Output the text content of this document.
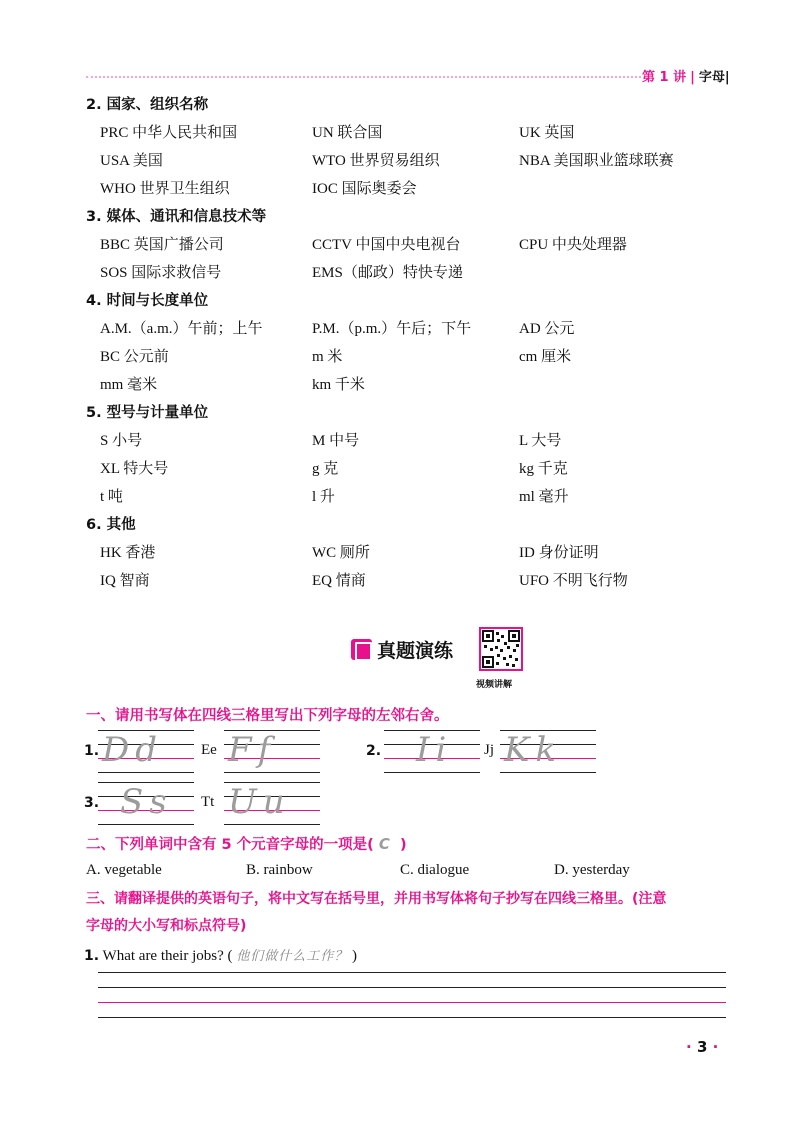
第 1 讲 | 字母|
2. 国家、组织名称
PRC 中华人民共和国	UN 联合国	UK 英国
USA 美国	WTO 世界贸易组织	NBA 美国职业篮球联赛
WHO 世界卫生组织	IOC 国际奥委会
3. 媒体、通讯和信息技术等
BBC 英国广播公司	CCTV 中国中央电视台	CPU 中央处理器
SOS 国际求救信号	EMS（邮政）特快专递
4. 时间与长度单位
A.M.（a.m.）午前；上午	P.M.（p.m.）午后；下午	AD 公元
BC 公元前	m 米	cm 厘米
mm 毫米	km 千米
5. 型号与计量单位
S 小号	M 中号	L 大号
XL 特大号	g 克	kg 千克
t 吨	l 升	ml 毫升
6. 其他
HK 香港	WC 厕所	ID 身份证明
IQ 智商	EQ 情商	UFO 不明飞行物
真题演练
视频讲解
一、请用书写体在四线三格里写出下列字母的左邻右舍。
1. Dd	Ee Ff	2. Ii Jj Kk
3. Ss Tt Uu
二、下列单词中含有 5 个元音字母的一项是( C )
A. vegetable	B. rainbow	C. dialogue	D. yesterday
三、请翻译提供的英语句子，将中文写在括号里，并用书写体将句子抄写在四线三格里。(注意
字母的大小写和标点符号)
1. What are their jobs? ( 他们做什么工作？ )
· 3 ·
